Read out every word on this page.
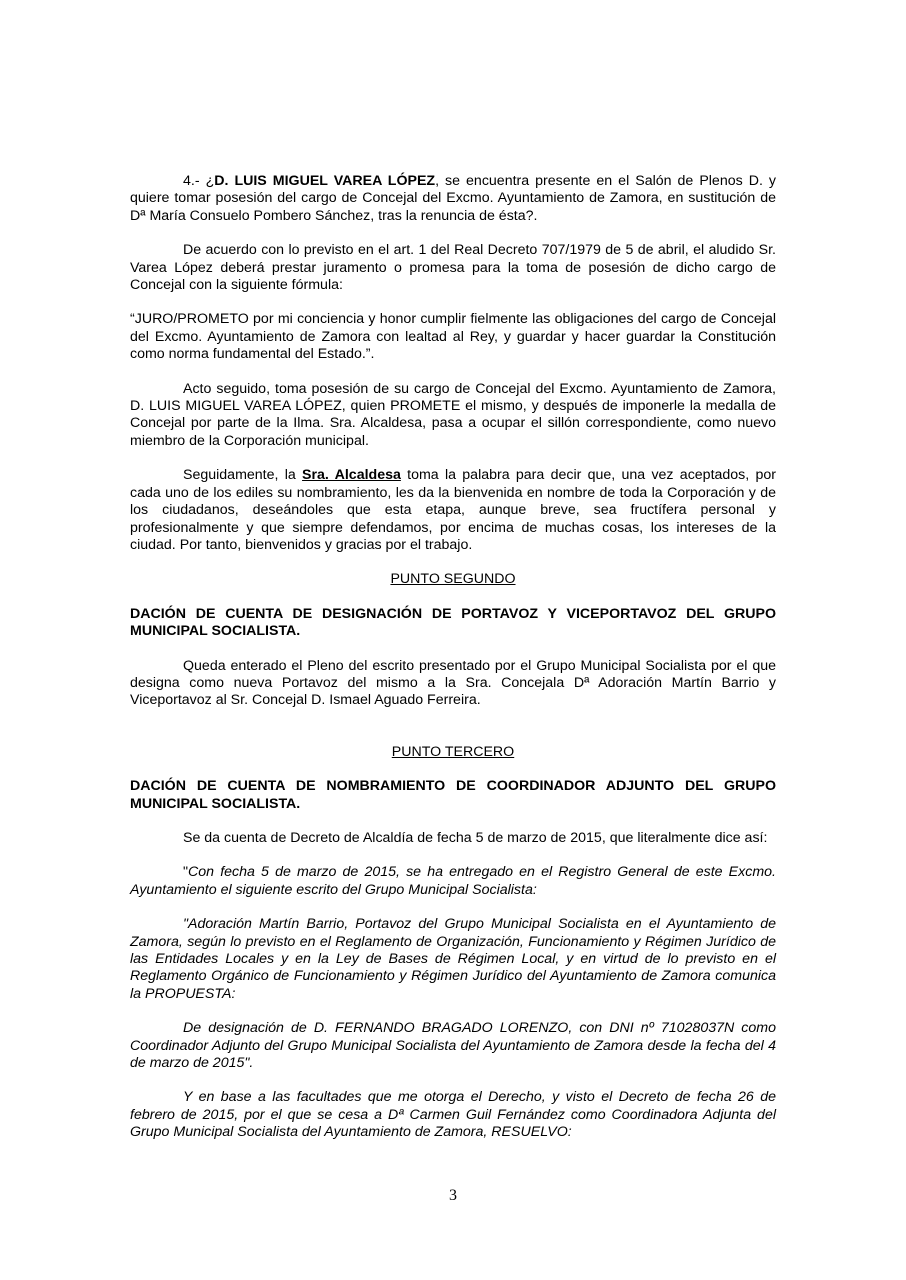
4.- ¿D. LUIS MIGUEL VAREA LÓPEZ, se encuentra presente en el Salón de Plenos D. y quiere tomar posesión del cargo de Concejal del Excmo. Ayuntamiento de Zamora, en sustitución de Dª María Consuelo Pombero Sánchez, tras la renuncia de ésta?.

De acuerdo con lo previsto en el art. 1 del Real Decreto 707/1979 de 5 de abril, el aludido Sr. Varea López deberá prestar juramento o promesa para la toma de posesión de dicho cargo de Concejal con la siguiente fórmula:

“JURO/PROMETO por mi conciencia y honor cumplir fielmente las obligaciones del cargo de Concejal del Excmo. Ayuntamiento de Zamora con lealtad al Rey, y guardar y hacer guardar la Constitución como norma fundamental del Estado.”.

Acto seguido, toma posesión de su cargo de Concejal del Excmo. Ayuntamiento de Zamora, D. LUIS MIGUEL VAREA LÓPEZ, quien PROMETE el mismo, y después de imponerle la medalla de Concejal por parte de la Ilma. Sra. Alcaldesa, pasa a ocupar el sillón correspondiente, como nuevo miembro de la Corporación municipal.

Seguidamente, la Sra. Alcaldesa toma la palabra para decir que, una vez aceptados, por cada uno de los ediles su nombramiento, les da la bienvenida en nombre de toda la Corporación y de los ciudadanos, deseándoles que esta etapa, aunque breve, sea fructífera personal y profesionalmente y que siempre defendamos, por encima de muchas cosas, los intereses de la ciudad. Por tanto, bienvenidos y gracias por el trabajo.

PUNTO SEGUNDO

DACIÓN DE CUENTA DE DESIGNACIÓN DE PORTAVOZ Y VICEPORTAVOZ DEL GRUPO MUNICIPAL SOCIALISTA.

Queda enterado el Pleno del escrito presentado por el Grupo Municipal Socialista por el que designa como nueva Portavoz del mismo a la Sra. Concejala Dª Adoración Martín Barrio y Viceportavoz al Sr. Concejal D. Ismael Aguado Ferreira.

PUNTO TERCERO

DACIÓN DE CUENTA DE NOMBRAMIENTO DE COORDINADOR ADJUNTO DEL GRUPO MUNICIPAL SOCIALISTA.

Se da cuenta de Decreto de Alcaldía de fecha 5 de marzo de 2015, que literalmente dice así:

"Con fecha 5 de marzo de 2015, se ha entregado en el Registro General de este Excmo. Ayuntamiento el siguiente escrito del Grupo Municipal Socialista:

"Adoración Martín Barrio, Portavoz del Grupo Municipal Socialista en el Ayuntamiento de Zamora, según lo previsto en el Reglamento de Organización, Funcionamiento y Régimen Jurídico de las Entidades Locales y en la Ley de Bases de Régimen Local, y en virtud de lo previsto en el Reglamento Orgánico de Funcionamiento y Régimen Jurídico del Ayuntamiento de Zamora comunica la PROPUESTA:

De designación de D. FERNANDO BRAGADO LORENZO, con DNI nº 71028037N como Coordinador Adjunto del Grupo Municipal Socialista del Ayuntamiento de Zamora desde la fecha del 4 de marzo de 2015".

Y en base a las facultades que me otorga el Derecho, y visto el Decreto de fecha 26 de febrero de 2015, por el que se cesa a Dª Carmen Guil Fernández como Coordinadora Adjunta del Grupo Municipal Socialista del Ayuntamiento de Zamora, RESUELVO:

3
